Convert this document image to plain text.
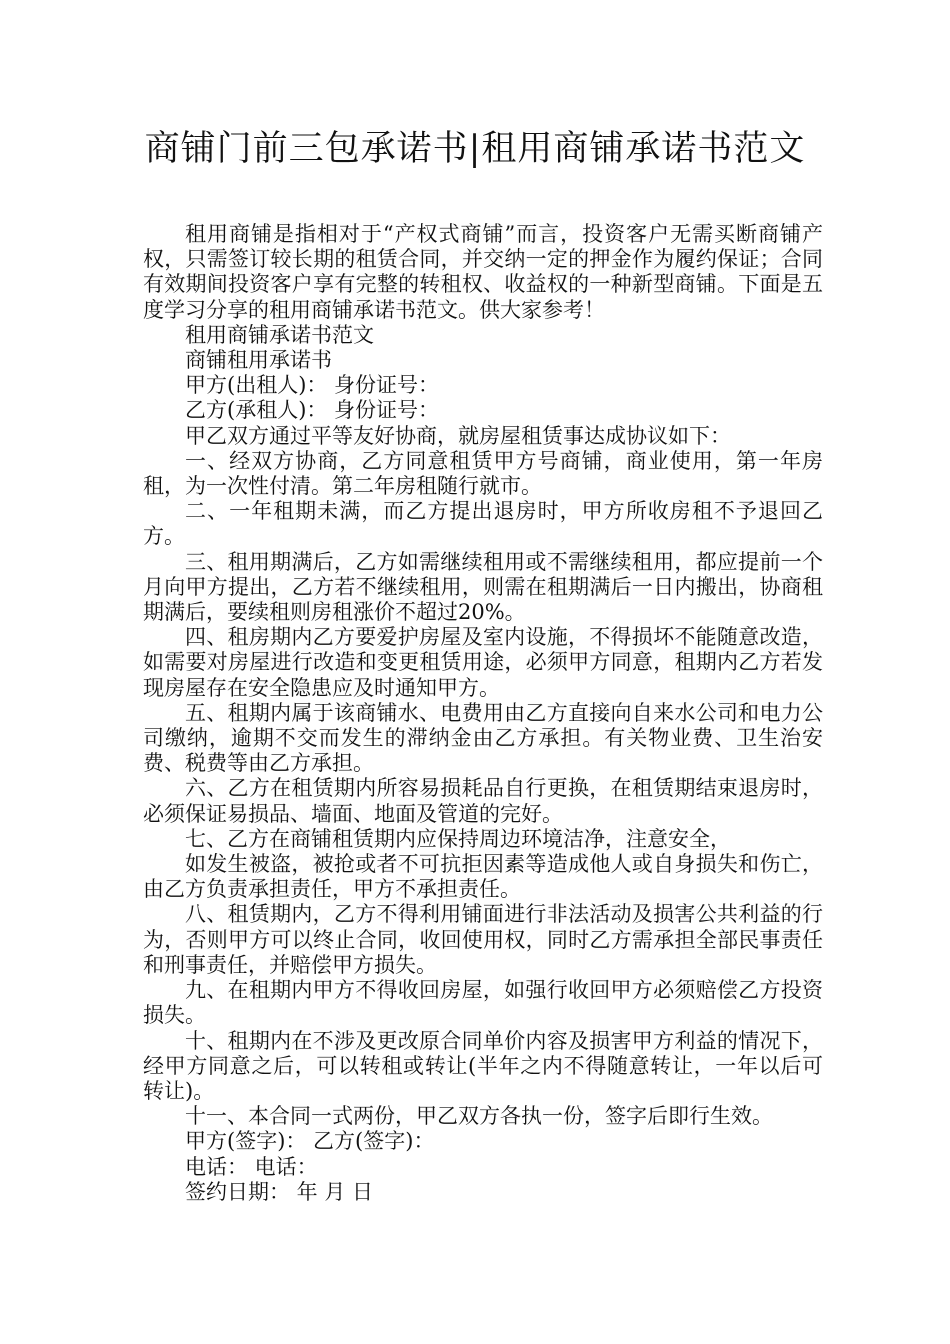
商铺门前三包承诺书|租用商铺承诺书范文

租用商铺是指相对于“产权式商铺”而言，投资客户无需买断商铺产权，只需签订较长期的租赁合同，并交纳一定的押金作为履约保证；合同有效期间投资客户享有完整的转租权、收益权的一种新型商铺。下面是五度学习分享的租用商铺承诺书范文。供大家参考！

租用商铺承诺书范文

商铺租用承诺书

甲方(出租人)： 身份证号：

乙方(承租人)： 身份证号：

甲乙双方通过平等友好协商，就房屋租赁事达成协议如下：

一、经双方协商，乙方同意租赁甲方号商铺，商业使用，第一年房租，为一次性付清。第二年房租随行就市。

二、一年租期未满，而乙方提出退房时，甲方所收房租不予退回乙方。

三、租用期满后，乙方如需继续租用或不需继续租用，都应提前一个月向甲方提出，乙方若不继续租用，则需在租期满后一日内搬出，协商租期满后，要续租则房租涨价不超过20%。

四、租房期内乙方要爱护房屋及室内设施，不得损坏不能随意改造，如需要对房屋进行改造和变更租赁用途，必须甲方同意，租期内乙方若发现房屋存在安全隐患应及时通知甲方。

五、租期内属于该商铺水、电费用由乙方直接向自来水公司和电力公司缴纳，逾期不交而发生的滞纳金由乙方承担。有关物业费、卫生治安费、税费等由乙方承担。

六、乙方在租赁期内所容易损耗品自行更换，在租赁期结束退房时，必须保证易损品、墙面、地面及管道的完好。

七、乙方在商铺租赁期内应保持周边环境洁净，注意安全，

如发生被盗，被抢或者不可抗拒因素等造成他人或自身损失和伤亡，由乙方负责承担责任，甲方不承担责任。

八、租赁期内，乙方不得利用铺面进行非法活动及损害公共利益的行为，否则甲方可以终止合同，收回使用权，同时乙方需承担全部民事责任和刑事责任，并赔偿甲方损失。

九、在租期内甲方不得收回房屋，如强行收回甲方必须赔偿乙方投资损失。

十、租期内在不涉及更改原合同单价内容及损害甲方利益的情况下，经甲方同意之后，可以转租或转让(半年之内不得随意转让，一年以后可转让)。

十一、本合同一式两份，甲乙双方各执一份，签字后即行生效。

甲方(签字)： 乙方(签字)：

电话： 电话：

签约日期： 年 月 日
